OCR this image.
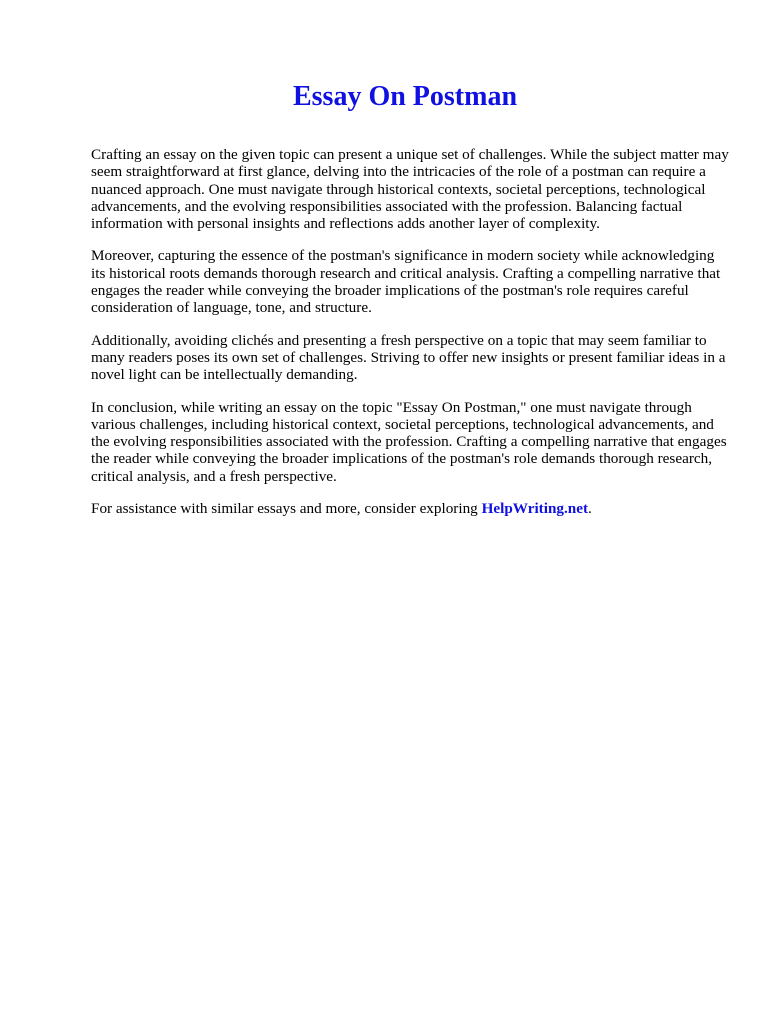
Essay On Postman

Crafting an essay on the given topic can present a unique set of challenges. While the subject matter may seem straightforward at first glance, delving into the intricacies of the role of a postman can require a nuanced approach. One must navigate through historical contexts, societal perceptions, technological advancements, and the evolving responsibilities associated with the profession. Balancing factual information with personal insights and reflections adds another layer of complexity.

Moreover, capturing the essence of the postman's significance in modern society while acknowledging its historical roots demands thorough research and critical analysis. Crafting a compelling narrative that engages the reader while conveying the broader implications of the postman's role requires careful consideration of language, tone, and structure.

Additionally, avoiding clichés and presenting a fresh perspective on a topic that may seem familiar to many readers poses its own set of challenges. Striving to offer new insights or present familiar ideas in a novel light can be intellectually demanding.

In conclusion, while writing an essay on the topic "Essay On Postman," one must navigate through various challenges, including historical context, societal perceptions, technological advancements, and the evolving responsibilities associated with the profession. Crafting a compelling narrative that engages the reader while conveying the broader implications of the postman's role demands thorough research, critical analysis, and a fresh perspective.

For assistance with similar essays and more, consider exploring HelpWriting.net.
